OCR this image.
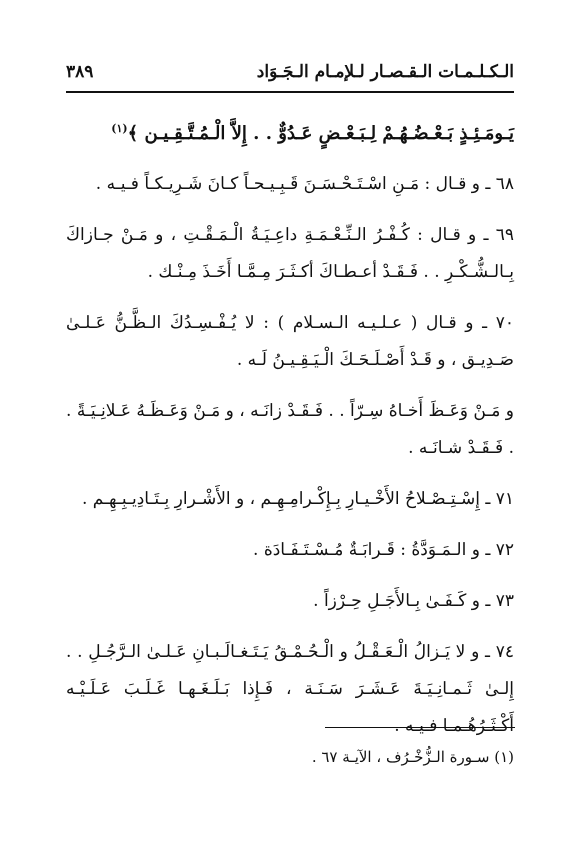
الـكـلـمـات الـقـصـار لـلإمـام الـجَـوَاد
٣٨٩

يَـومَـئِـذٍ بَـعْـضُـهُـمْ لِـبَـعْـضٍ عَـدُوٌّ . . إِلاَّ الْـمُـتَّـقِـيـن ﴾$^{(١)}$

٦٨ ـ و قـال : مَـنِ اسْـتَـحْـسَـنَ قَـبِـيـحـاً كـانَ شَـرِيـكـاً فـيـه .

٦٩ ـ و قـال : كُـفْـرُ الـنِّـعْـمَـةِ داعِـيَـةُ الْـمَـقْـتِ ، و مَـنْ جـازاكَ بِـالـشُّـكْـرِ . . فَـقَـدْ أعـطـاكَ أكـثَـرَ مِـمَّـا أَخَـذَ مِـنْـك .

٧٠ ـ و قـال ( عـلـيـه الـسـلام ) : لا يُـفْـسِـدُكَ الـظَّـنُّ عَـلـىٰ صَـدِيـق ، و قَـدْ أَصْـلَـحَـكَ الْـيَـقِـيـنُ لَـه .

و مَـنْ وَعَـظَ أَخـاهُ سِـرّاً . . فَـقَـدْ زانَـه ، و مَـنْ وَعَـظَـهُ عَـلانِـيَـةً . . فَـقَـدْ شـانَـه .

٧١ ـ إِسْـتِـصْـلاحُ الأَخْـيـارِ بِـإِكْـرامِـهِـم ، و الأَشْـرارِ بِـتَـادِيـبِـهِـم .

٧٢ ـ و الـمَـوَدَّةُ : قَـرابَـةٌ مُـسْـتَـفَـادَة .

٧٣ ـ و كَـفَـىٰ بِـالأَجَـلِ حِـرْزاً .

٧٤ ـ و لا يَـزالُ الْـعَـقْـلُ و الْـحُـمْـقُ يَـتَـغـالَـبـانِ عَـلـىٰ الـرَّجُـلِ . . إِلـىٰ ثَـمـانِـيَـةَ عَـشَـرَ سَـنَـة ، فَـإِذا بَـلَـغَـهـا غَـلَـبَ عَـلَـيْـه أَكْـثَـرُهُـمـا فـيـه .

(١) سـورة الـزُّخْـرُف ، الآيـة ٦٧ .
